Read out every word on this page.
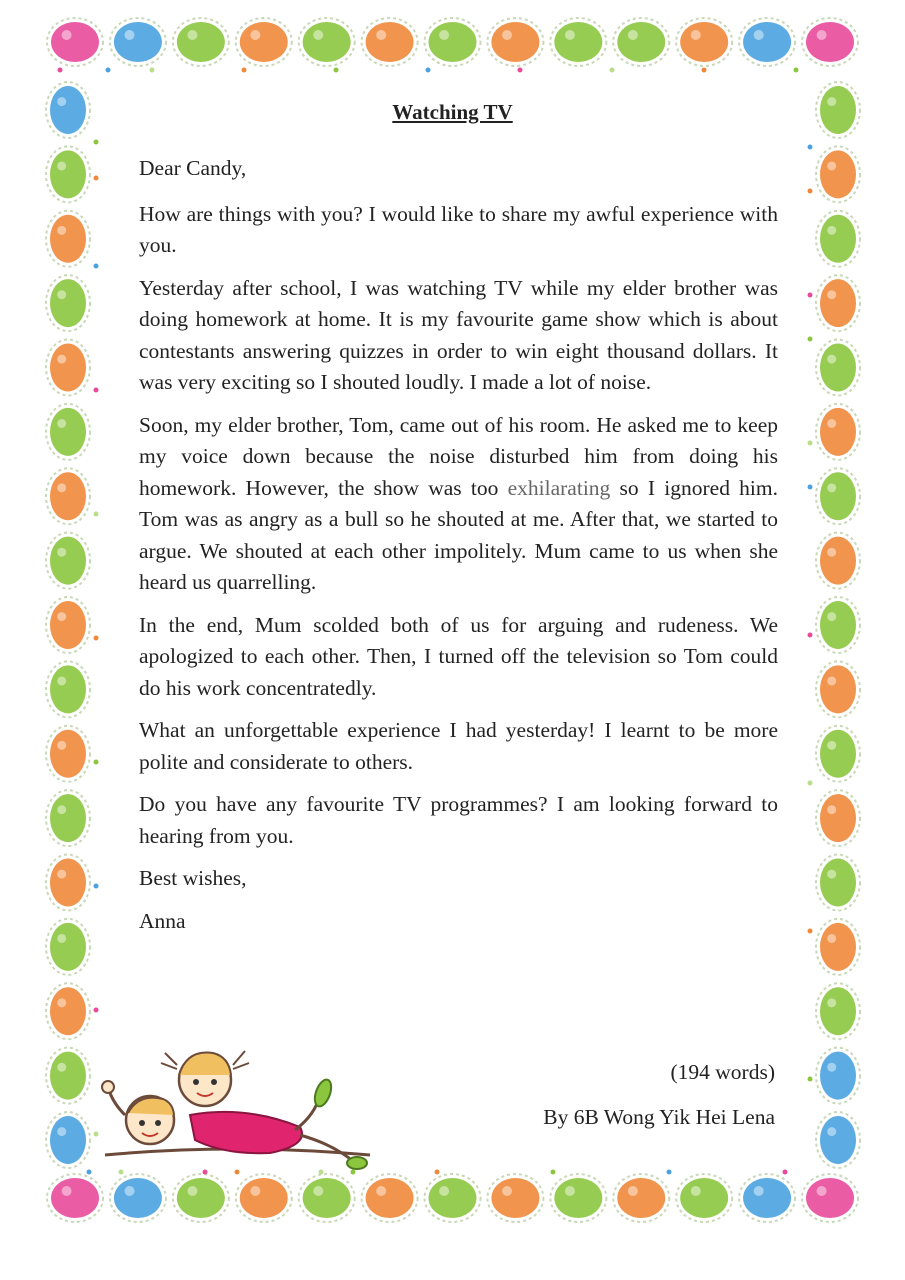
Watching TV

Dear Candy,

How are things with you? I would like to share my awful experience with you.

Yesterday after school, I was watching TV while my elder brother was doing homework at home. It is my favourite game show which is about contestants answering quizzes in order to win eight thousand dollars. It was very exciting so I shouted loudly. I made a lot of noise.

Soon, my elder brother, Tom, came out of his room. He asked me to keep my voice down because the noise disturbed him from doing his homework. However, the show was too exhilarating so I ignored him. Tom was as angry as a bull so he shouted at me. After that, we started to argue. We shouted at each other impolitely. Mum came to us when she heard us quarrelling.

In the end, Mum scolded both of us for arguing and rudeness. We apologized to each other. Then, I turned off the television so Tom could do his work concentratedly.

What an unforgettable experience I had yesterday! I learnt to be more polite and considerate to others.

Do you have any favourite TV programmes? I am looking forward to hearing from you.

Best wishes,

Anna

(194 words)
By 6B Wong Yik Hei Lena
